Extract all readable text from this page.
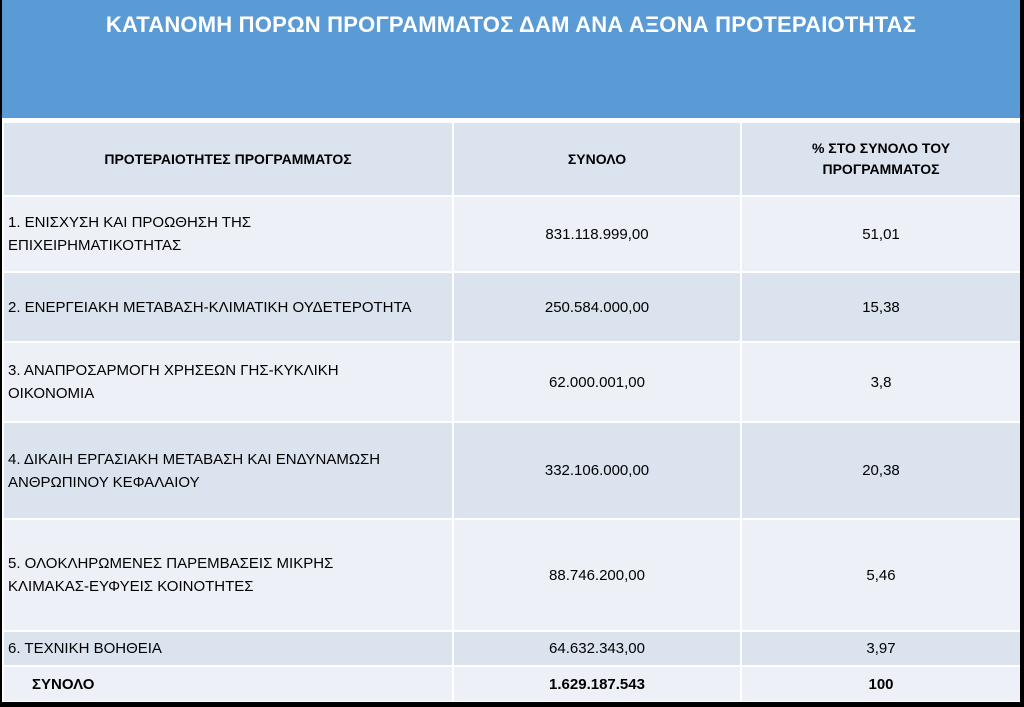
ΚΑΤΑΝΟΜΗ ΠΟΡΩΝ ΠΡΟΓΡΑΜΜΑΤΟΣ ΔΑΜ ΑΝΑ ΑΞΟΝΑ ΠΡΟΤΕΡΑΙΟΤΗΤΑΣ
ΠΡΟΤΕΡΑΙΟΤΗΤΕΣ ΠΡΟΓΡΑΜΜΑΤΟΣ	ΣΥΝΟΛΟ	% ΣΤΟ ΣΥΝΟΛΟ ΤΟΥ ΠΡΟΓΡΑΜΜΑΤΟΣ
1. ΕΝΙΣΧΥΣΗ ΚΑΙ ΠΡΟΩΘΗΣΗ ΤΗΣ ΕΠΙΧΕΙΡΗΜΑΤΙΚΟΤΗΤΑΣ	831.118.999,00	51,01
2. ΕΝΕΡΓΕΙΑΚΗ ΜΕΤΑΒΑΣΗ-ΚΛΙΜΑΤΙΚΗ ΟΥΔΕΤΕΡΟΤΗΤΑ	250.584.000,00	15,38
3. ΑΝΑΠΡΟΣΑΡΜΟΓΗ ΧΡΗΣΕΩΝ ΓΗΣ-ΚΥΚΛΙΚΗ ΟΙΚΟΝΟΜΙΑ	62.000.001,00	3,8
4. ΔΙΚΑΙΗ ΕΡΓΑΣΙΑΚΗ ΜΕΤΑΒΑΣΗ ΚΑΙ ΕΝΔΥΝΑΜΩΣΗ ΑΝΘΡΩΠΙΝΟΥ ΚΕΦΑΛΑΙΟΥ	332.106.000,00	20,38
5. ΟΛΟΚΛΗΡΩΜΕΝΕΣ ΠΑΡΕΜΒΑΣΕΙΣ ΜΙΚΡΗΣ ΚΛΙΜΑΚΑΣ-ΕΥΦΥΕΙΣ ΚΟΙΝΟΤΗΤΕΣ	88.746.200,00	5,46
6. ΤΕΧΝΙΚΗ ΒΟΗΘΕΙΑ	64.632.343,00	3,97
ΣΥΝΟΛΟ	1.629.187.543	100
